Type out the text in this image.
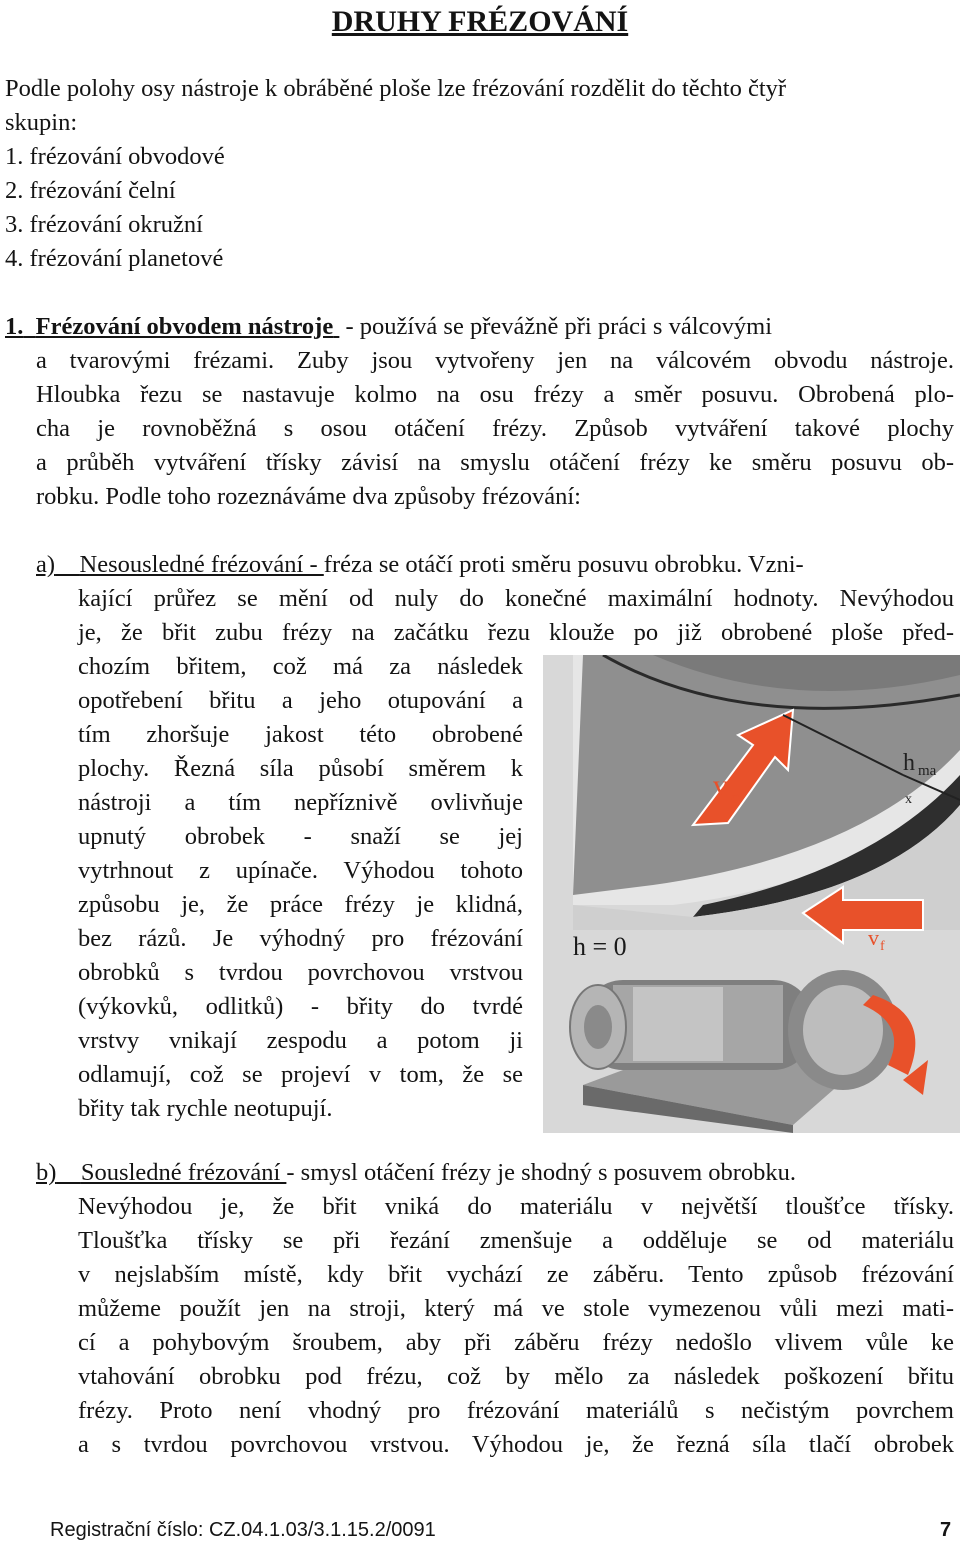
DRUHY FRÉZOVÁNÍ
Podle polohy osy nástroje k obráběné ploše lze frézování rozdělit do těchto čtyř
skupin:
1. frézování obvodové
2. frézování čelní
3. frézování okružní
4. frézování planetové
1. Frézování obvodem nástroje  - používá se převážně při práci s válcovými
a tvarovými frézami. Zuby jsou vytvořeny jen na válcovém obvodu nástroje.
Hloubka řezu se nastavuje kolmo na osu frézy a směr posuvu. Obrobená plo-
cha je rovnoběžná s osou otáčení frézy. Způsob vytváření takové plochy
a průběh vytváření třísky závisí na smyslu otáčení frézy ke směru posuvu ob-
robku. Podle toho rozeznáváme dva způsoby frézování:
a) Nesousledné frézování - fréza se otáčí proti směru posuvu obrobku. Vzni-
kající průřez se mění od nuly do konečné maximální hodnoty. Nevýhodou
je, že břit zubu frézy na začátku řezu klouže po již obrobené ploše před-
chozím břitem, což má za následek
opotřebení břitu a jeho otupování a
tím zhoršuje jakost této obrobené
plochy. Řezná síla působí směrem k
nástroji a tím nepříznivě ovlivňuje
upnutý obrobek - snaží se jej
vytrhnout z upínače. Výhodou tohoto
způsobu je, že práce frézy je klidná,
bez rázů. Je výhodný pro frézování
obrobků s tvrdou povrchovou vrstvou
(výkovků, odlitků) - břity do tvrdé
vrstvy vnikají zespodu a potom ji
odlamují, což se projeví v tom, že se
břity tak rychle neotupují.
v c
h ma
x
v f
h = 0
b) Sousledné frézování - smysl otáčení frézy je shodný s posuvem obrobku.
Nevýhodou je, že břit vniká do materiálu v největší tloušťce třísky.
Tloušťka třísky se při řezání zmenšuje a odděluje se od materiálu
v nejslabším místě, kdy břit vychází ze záběru. Tento způsob frézování
můžeme použít jen na stroji, který má ve stole vymezenou vůli mezi mati-
cí a pohybovým šroubem, aby při záběru frézy nedošlo vlivem vůle ke
vtahování obrobku pod frézu, což by mělo za následek poškození břitu
frézy. Proto není vhodný pro frézování materiálů s nečistým povrchem
a s tvrdou povrchovou vrstvou. Výhodou je, že řezná síla tlačí obrobek
Registrační číslo: CZ.04.1.03/3.1.15.2/0091	7
